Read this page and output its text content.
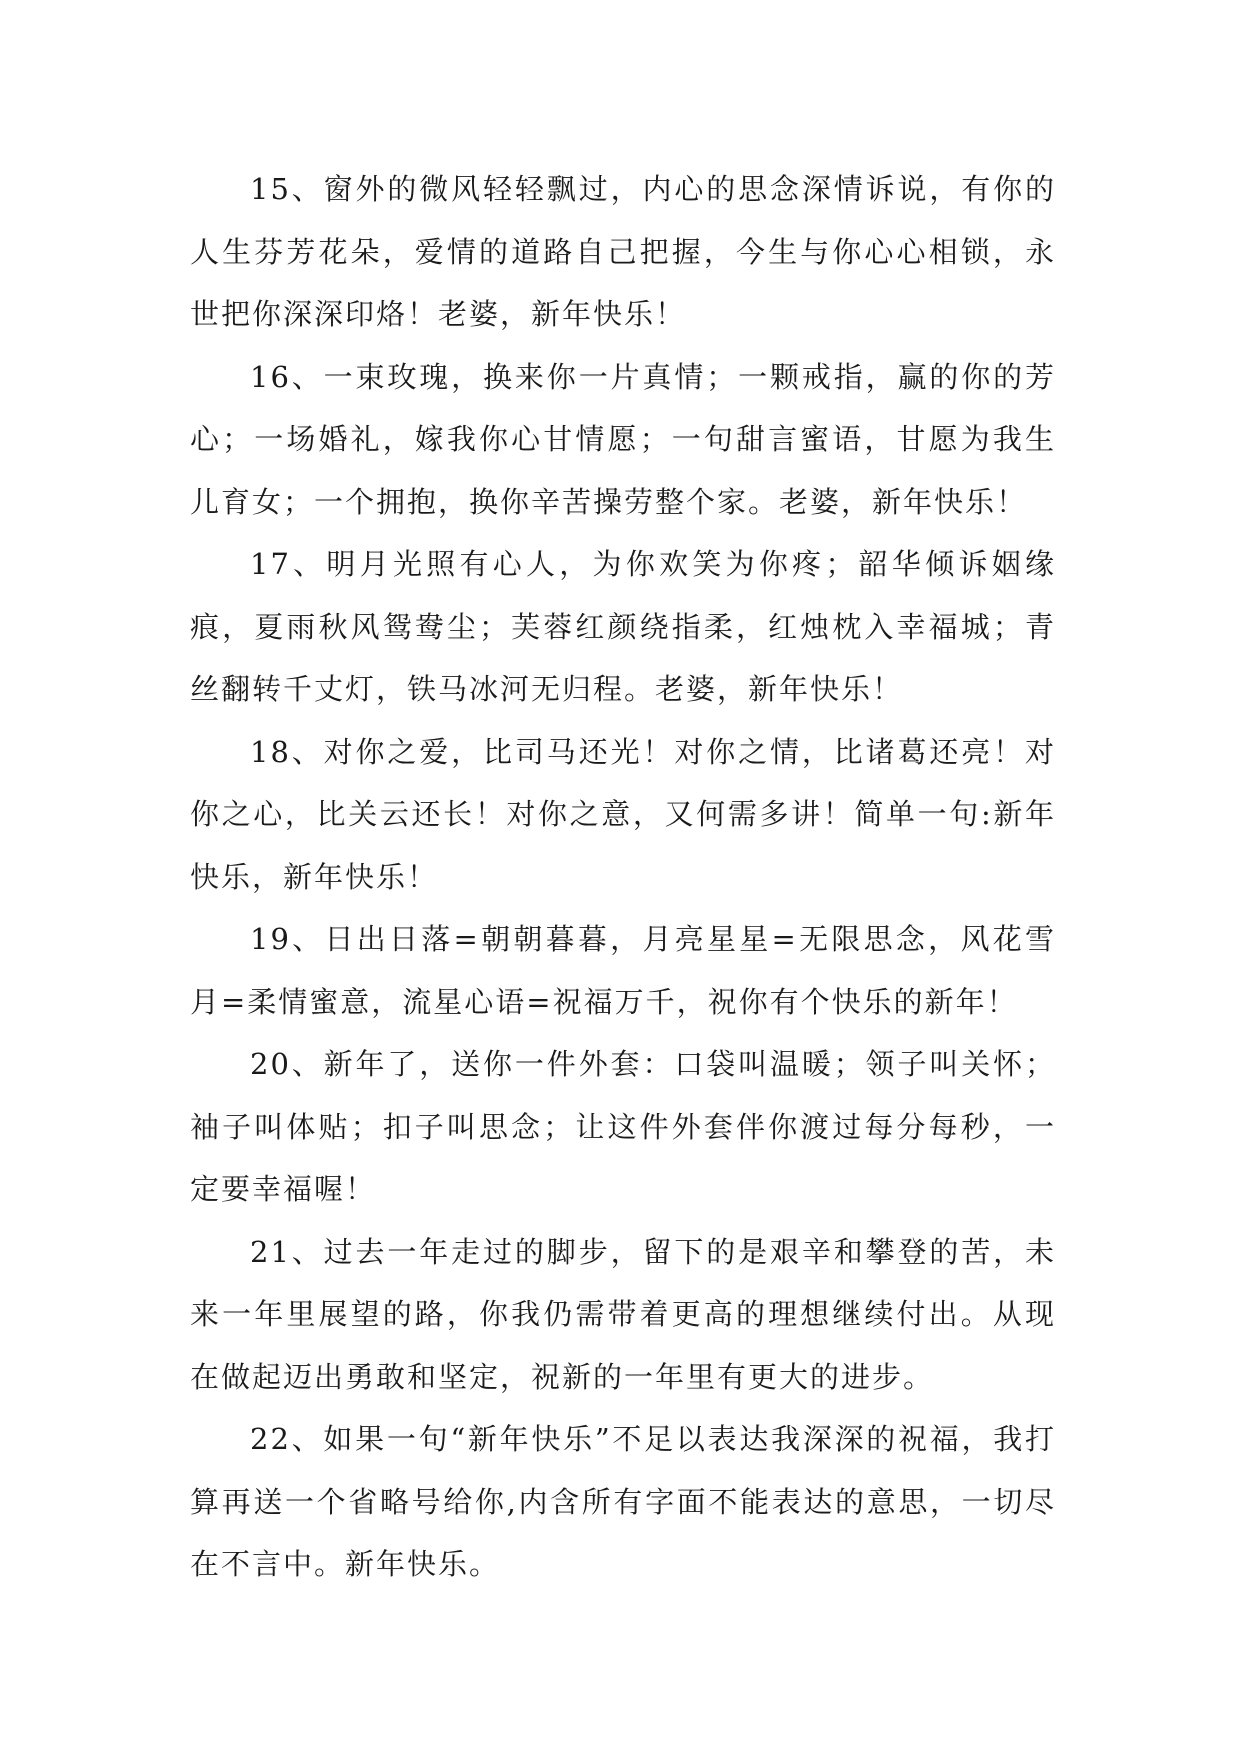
15、窗外的微风轻轻飘过，内心的思念深情诉说，有你的人生芬芳花朵，爱情的道路自己把握，今生与你心心相锁，永世把你深深印烙！老婆，新年快乐！

16、一束玫瑰，换来你一片真情；一颗戒指，赢的你的芳心；一场婚礼，嫁我你心甘情愿；一句甜言蜜语，甘愿为我生儿育女；一个拥抱，换你辛苦操劳整个家。老婆，新年快乐！

17、明月光照有心人，为你欢笑为你疼；韶华倾诉姻缘痕，夏雨秋风鸳鸯尘；芙蓉红颜绕指柔，红烛枕入幸福城；青丝翻转千丈灯，铁马冰河无归程。老婆，新年快乐！

18、对你之爱，比司马还光！对你之情，比诸葛还亮！对你之心，比关云还长！对你之意，又何需多讲！简单一句:新年快乐，新年快乐！

19、日出日落=朝朝暮暮，月亮星星=无限思念，风花雪月=柔情蜜意，流星心语=祝福万千，祝你有个快乐的新年！

20、新年了，送你一件外套：口袋叫温暖；领子叫关怀；袖子叫体贴；扣子叫思念；让这件外套伴你渡过每分每秒，一定要幸福喔！

21、过去一年走过的脚步，留下的是艰辛和攀登的苦，未来一年里展望的路，你我仍需带着更高的理想继续付出。从现在做起迈出勇敢和坚定，祝新的一年里有更大的进步。

22、如果一句“新年快乐”不足以表达我深深的祝福，我打算再送一个省略号给你,内含所有字面不能表达的意思，一切尽在不言中。新年快乐。
